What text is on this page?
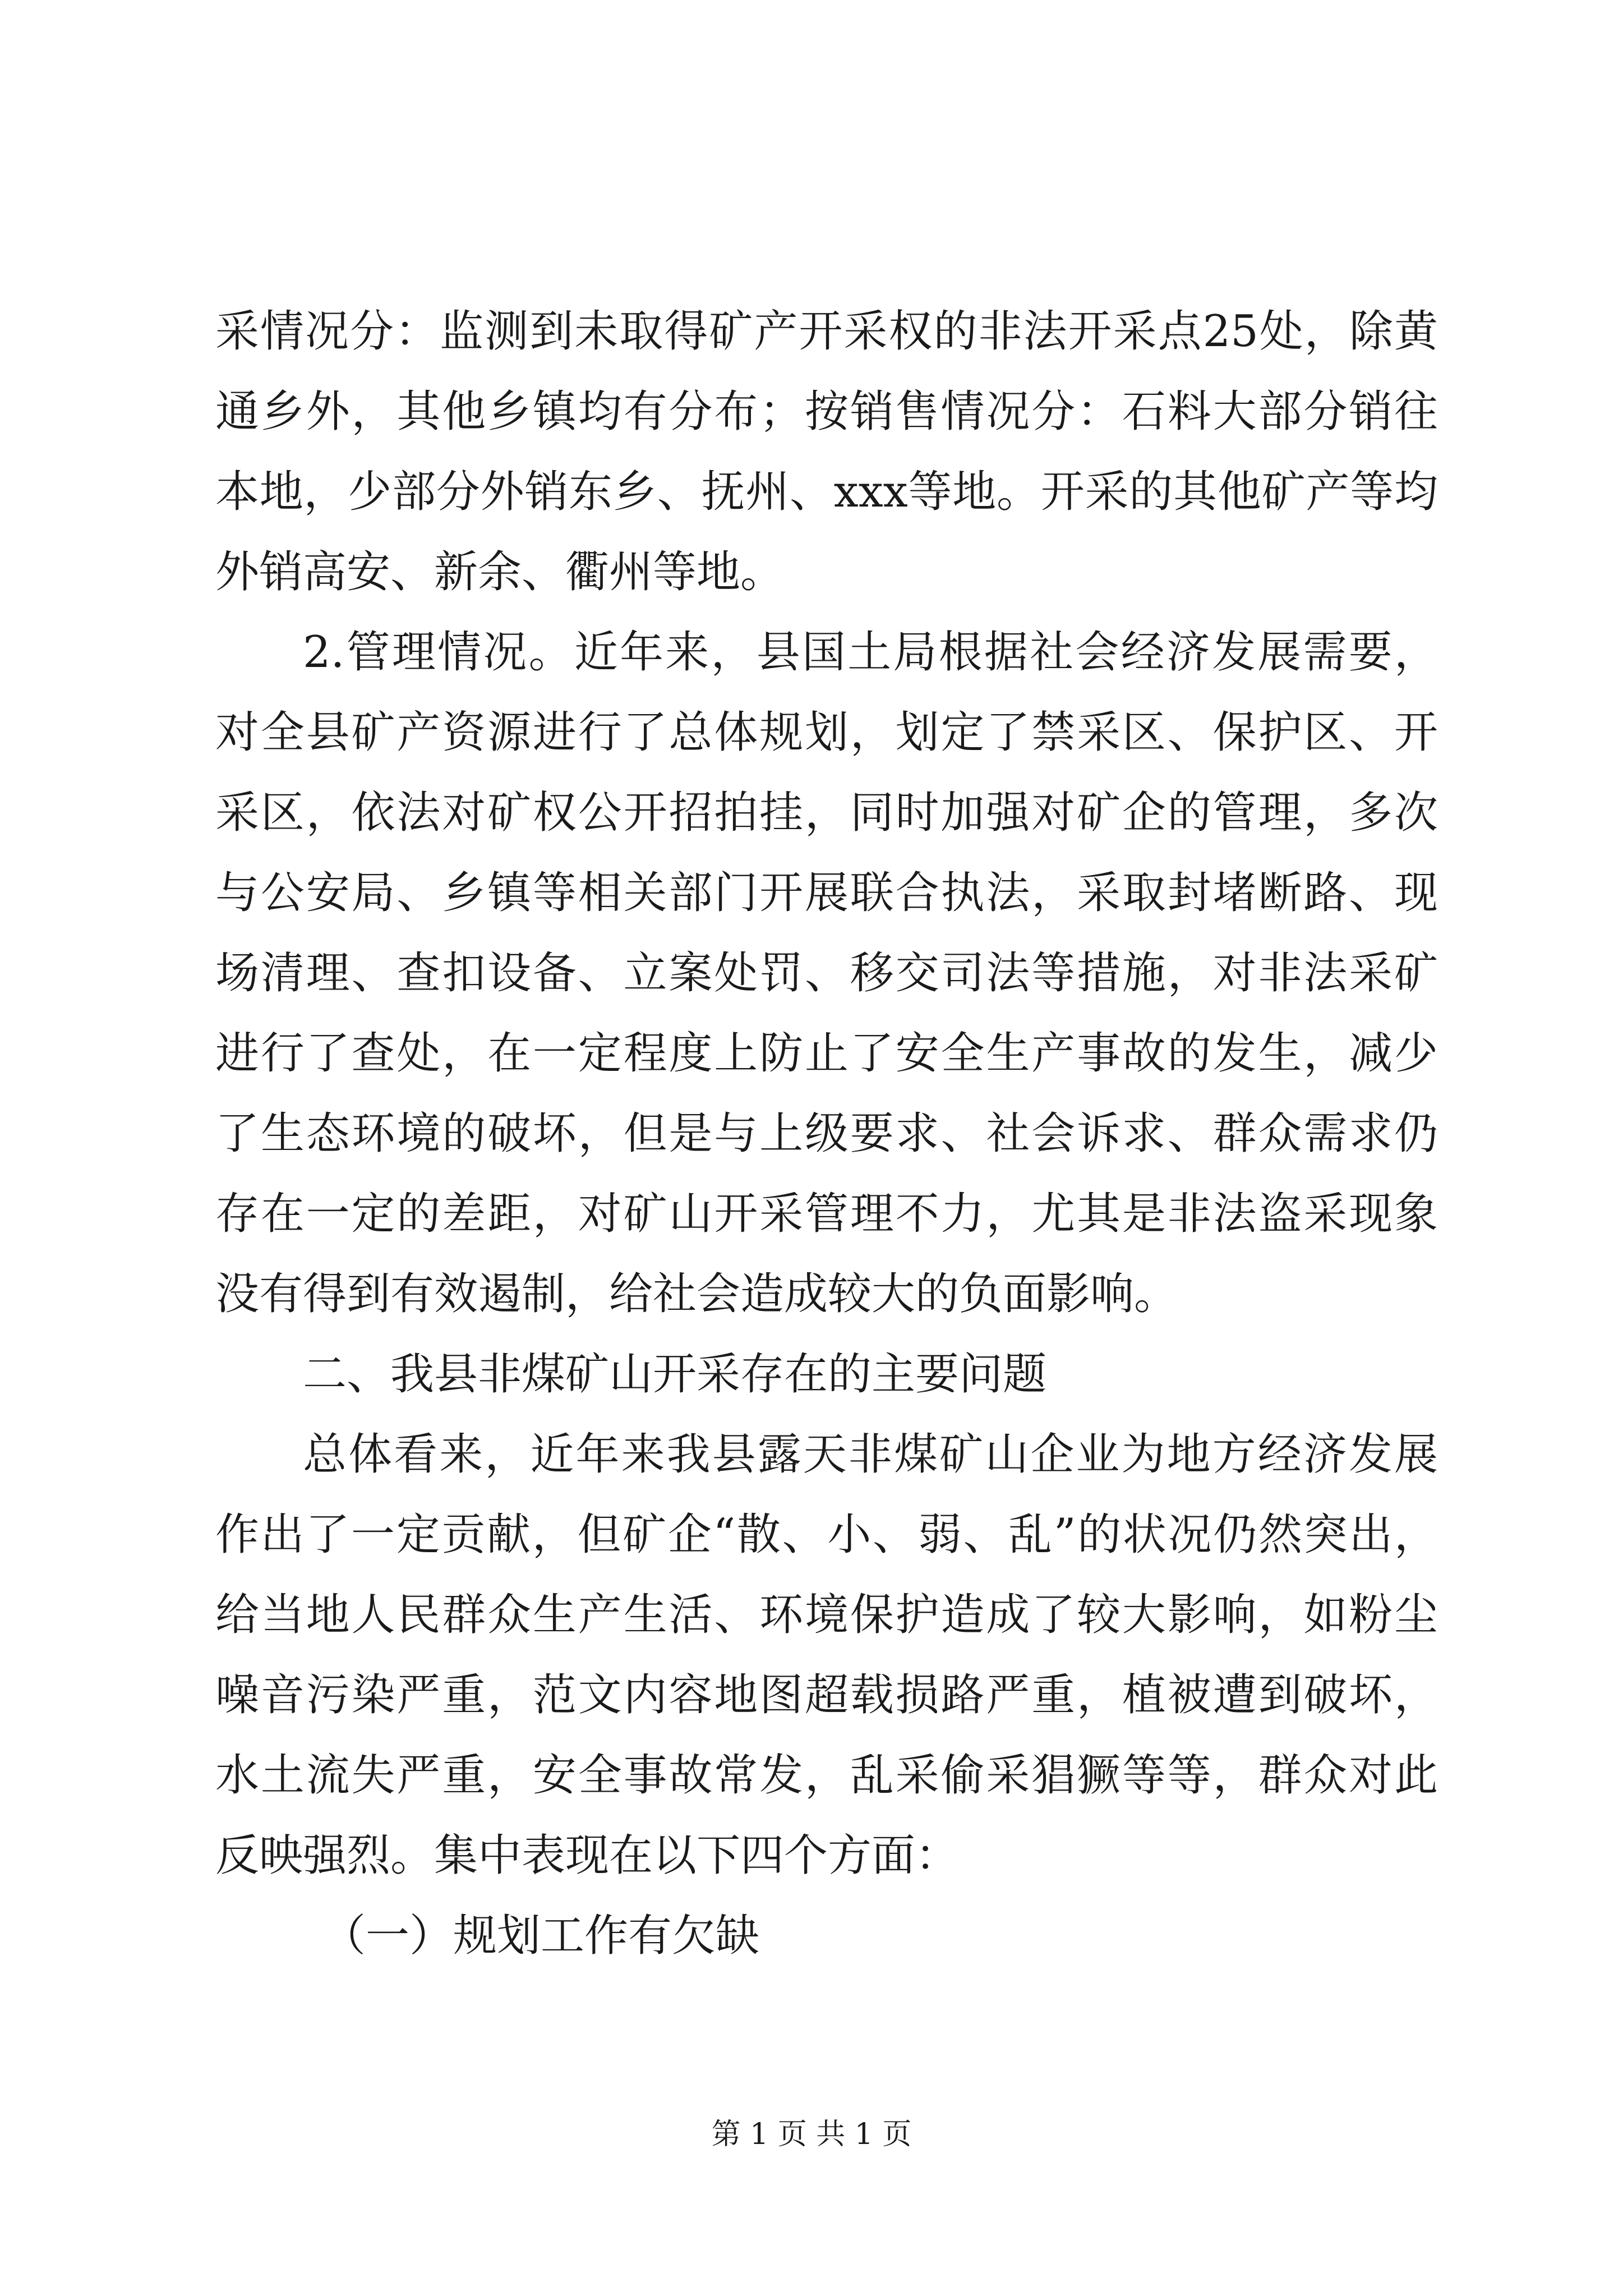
采情况分：监测到未取得矿产开采权的非法开采点25处，除黄通乡外，其他乡镇均有分布；按销售情况分：石料大部分销往本地，少部分外销东乡、抚州、xxx等地。开采的其他矿产等均外销高安、新余、衢州等地。

2.管理情况。近年来，县国土局根据社会经济发展需要，对全县矿产资源进行了总体规划，划定了禁采区、保护区、开采区，依法对矿权公开招拍挂，同时加强对矿企的管理，多次与公安局、乡镇等相关部门开展联合执法，采取封堵断路、现场清理、查扣设备、立案处罚、移交司法等措施，对非法采矿进行了查处，在一定程度上防止了安全生产事故的发生，减少了生态环境的破坏，但是与上级要求、社会诉求、群众需求仍存在一定的差距，对矿山开采管理不力，尤其是非法盗采现象没有得到有效遏制，给社会造成较大的负面影响。

二、我县非煤矿山开采存在的主要问题

总体看来，近年来我县露天非煤矿山企业为地方经济发展作出了一定贡献，但矿企“散、小、弱、乱”的状况仍然突出，给当地人民群众生产生活、环境保护造成了较大影响，如粉尘噪音污染严重，范文内容地图超载损路严重，植被遭到破坏，水土流失严重，安全事故常发，乱采偷采猖獗等等，群众对此反映强烈。集中表现在以下四个方面：

（一）规划工作有欠缺

第 1 页 共 1 页
